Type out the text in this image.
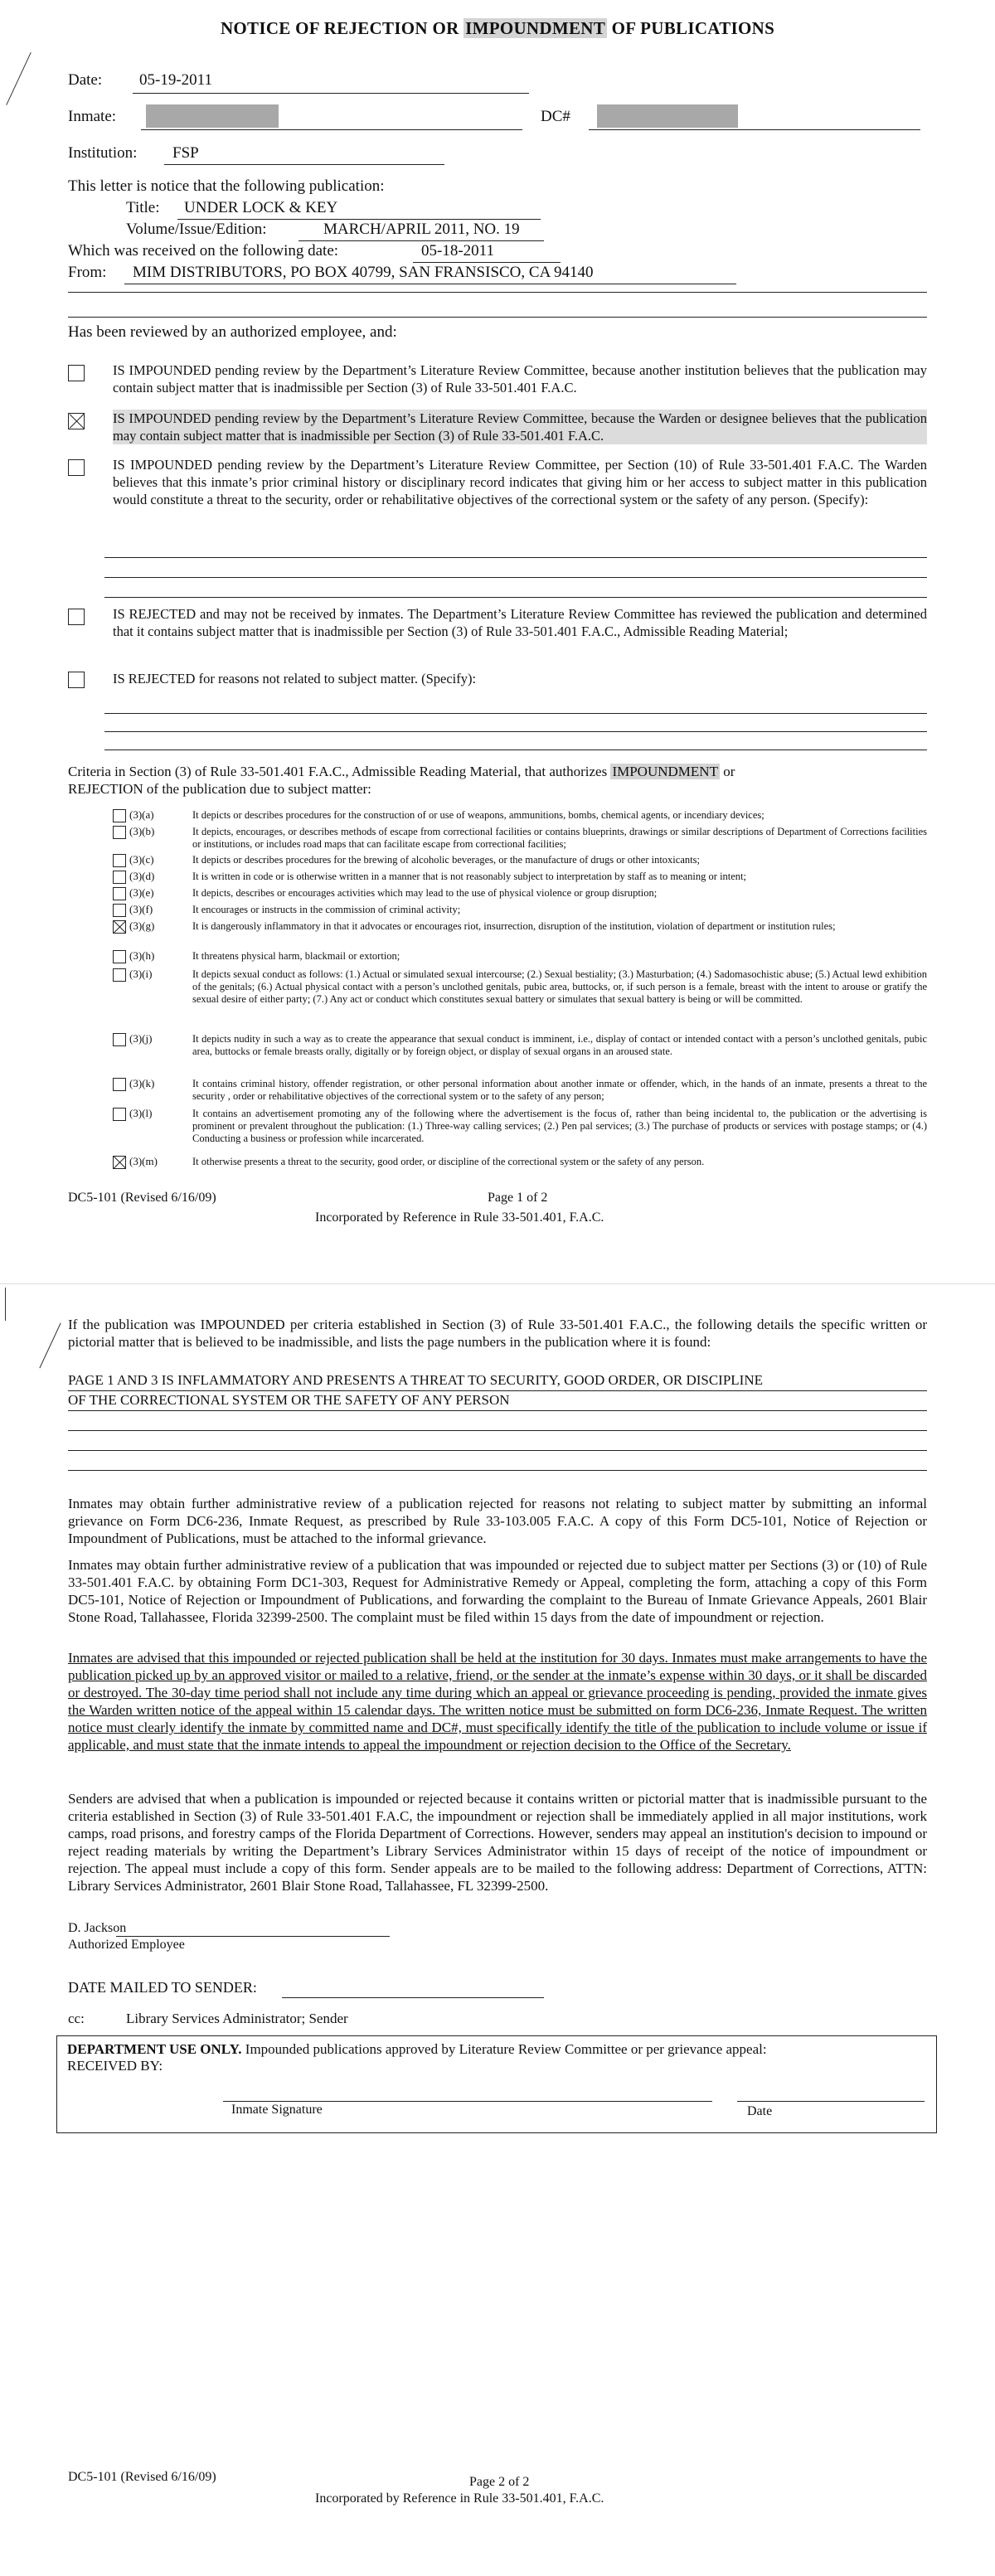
NOTICE OF REJECTION OR IMPOUNDMENT OF PUBLICATIONS
Date: 05-19-2011
Inmate:	DC#
Institution: FSP
This letter is notice that the following publication:
Title: UNDER LOCK & KEY
Volume/Issue/Edition:	MARCH/APRIL 2011, NO. 19
Which was received on the following date:	05-18-2011
From: MIM DISTRIBUTORS, PO BOX 40799, SAN FRANSISCO, CA 94140
Has been reviewed by an authorized employee, and:
IS IMPOUNDED pending review by the Department’s Literature Review Committee, because another institution believes that the publication may contain subject matter that is inadmissible per Section (3) of Rule 33-501.401 F.A.C.
IS IMPOUNDED pending review by the Department’s Literature Review Committee, because the Warden or designee believes that the publication may contain subject matter that is inadmissible per Section (3) of Rule 33-501.401 F.A.C.
IS IMPOUNDED pending review by the Department’s Literature Review Committee, per Section (10) of Rule 33-501.401 F.A.C. The Warden believes that this inmate’s prior criminal history or disciplinary record indicates that giving him or her access to subject matter in this publication would constitute a threat to the security, order or rehabilitative objectives of the correctional system or the safety of any person. (Specify):
IS REJECTED and may not be received by inmates. The Department’s Literature Review Committee has reviewed the publication and determined that it contains subject matter that is inadmissible per Section (3) of Rule 33-501.401 F.A.C., Admissible Reading Material;
IS REJECTED for reasons not related to subject matter. (Specify):
Criteria in Section (3) of Rule 33-501.401 F.A.C., Admissible Reading Material, that authorizes IMPOUNDMENT or
REJECTION of the publication due to subject matter:
(3)(a)	It depicts or describes procedures for the construction of or use of weapons, ammunitions, bombs, chemical agents, or incendiary devices;
(3)(b)	It depicts, encourages, or describes methods of escape from correctional facilities or contains blueprints, drawings or similar descriptions of Department of Corrections facilities or institutions, or includes road maps that can facilitate escape from correctional facilities;
(3)(c)	It depicts or describes procedures for the brewing of alcoholic beverages, or the manufacture of drugs or other intoxicants;
(3)(d)	It is written in code or is otherwise written in a manner that is not reasonably subject to interpretation by staff as to meaning or intent;
(3)(e)	It depicts, describes or encourages activities which may lead to the use of physical violence or group disruption;
(3)(f)	It encourages or instructs in the commission of criminal activity;
(3)(g)	It is dangerously inflammatory in that it advocates or encourages riot, insurrection, disruption of the institution, violation of department or institution rules;
(3)(h)	It threatens physical harm, blackmail or extortion;
(3)(i)	It depicts sexual conduct as follows: (1.) Actual or simulated sexual intercourse; (2.) Sexual bestiality; (3.) Masturbation; (4.) Sadomasochistic abuse; (5.) Actual lewd exhibition of the genitals; (6.) Actual physical contact with a person’s unclothed genitals, pubic area, buttocks, or, if such person is a female, breast with the intent to arouse or gratify the sexual desire of either party; (7.) Any act or conduct which constitutes sexual battery or simulates that sexual battery is being or will be committed.
(3)(j)	It depicts nudity in such a way as to create the appearance that sexual conduct is imminent, i.e., display of contact or intended contact with a person’s unclothed genitals, pubic area, buttocks or female breasts orally, digitally or by foreign object, or display of sexual organs in an aroused state.
(3)(k)	It contains criminal history, offender registration, or other personal information about another inmate or offender, which, in the hands of an inmate, presents a threat to the security , order or rehabilitative objectives of the correctional system or to the safety of any person;
(3)(l)	It contains an advertisement promoting any of the following where the advertisement is the focus of, rather than being incidental to, the publication or the advertising is prominent or prevalent throughout the publication: (1.) Three-way calling services; (2.) Pen pal services; (3.) The purchase of products or services with postage stamps; or (4.) Conducting a business or profession while incarcerated.
(3)(m)	It otherwise presents a threat to the security, good order, or discipline of the correctional system or the safety of any person.
DC5-101 (Revised 6/16/09)	Page 1 of 2
Incorporated by Reference in Rule 33-501.401, F.A.C.
If the publication was IMPOUNDED per criteria established in Section (3) of Rule 33-501.401 F.A.C., the following details the specific written or pictorial matter that is believed to be inadmissible, and lists the page numbers in the publication where it is found:
PAGE 1 AND 3 IS INFLAMMATORY AND PRESENTS A THREAT TO SECURITY, GOOD ORDER, OR DISCIPLINE
OF THE CORRECTIONAL SYSTEM OR THE SAFETY OF ANY PERSON
Inmates may obtain further administrative review of a publication rejected for reasons not relating to subject matter by submitting an informal grievance on Form DC6-236, Inmate Request, as prescribed by Rule 33-103.005 F.A.C. A copy of this Form DC5-101, Notice of Rejection or Impoundment of Publications, must be attached to the informal grievance.
Inmates may obtain further administrative review of a publication that was impounded or rejected due to subject matter per Sections (3) or (10) of Rule 33-501.401 F.A.C. by obtaining Form DC1-303, Request for Administrative Remedy or Appeal, completing the form, attaching a copy of this Form DC5-101, Notice of Rejection or Impoundment of Publications, and forwarding the complaint to the Bureau of Inmate Grievance Appeals, 2601 Blair Stone Road, Tallahassee, Florida 32399-2500. The complaint must be filed within 15 days from the date of impoundment or rejection.
Inmates are advised that this impounded or rejected publication shall be held at the institution for 30 days. Inmates must make arrangements to have the publication picked up by an approved visitor or mailed to a relative, friend, or the sender at the inmate’s expense within 30 days, or it shall be discarded or destroyed. The 30-day time period shall not include any time during which an appeal or grievance proceeding is pending, provided the inmate gives the Warden written notice of the appeal within 15 calendar days. The written notice must be submitted on form DC6-236, Inmate Request. The written notice must clearly identify the inmate by committed name and DC#, must specifically identify the title of the publication to include volume or issue if applicable, and must state that the inmate intends to appeal the impoundment or rejection decision to the Office of the Secretary.
Senders are advised that when a publication is impounded or rejected because it contains written or pictorial matter that is inadmissible pursuant to the criteria established in Section (3) of Rule 33-501.401 F.A.C, the impoundment or rejection shall be immediately applied in all major institutions, work camps, road prisons, and forestry camps of the Florida Department of Corrections. However, senders may appeal an institution's decision to impound or reject reading materials by writing the Department’s Library Services Administrator within 15 days of receipt of the notice of impoundment or rejection. The appeal must include a copy of this form. Sender appeals are to be mailed to the following address: Department of Corrections, ATTN: Library Services Administrator, 2601 Blair Stone Road, Tallahassee, FL 32399-2500.
D. Jackson
Authorized Employee
DATE MAILED TO SENDER:
cc:	Library Services Administrator; Sender
DEPARTMENT USE ONLY. Impounded publications approved by Literature Review Committee or per grievance appeal:
RECEIVED BY:
Inmate Signature	Date
DC5-101 (Revised 6/16/09)	Page 2 of 2
Incorporated by Reference in Rule 33-501.401, F.A.C.
